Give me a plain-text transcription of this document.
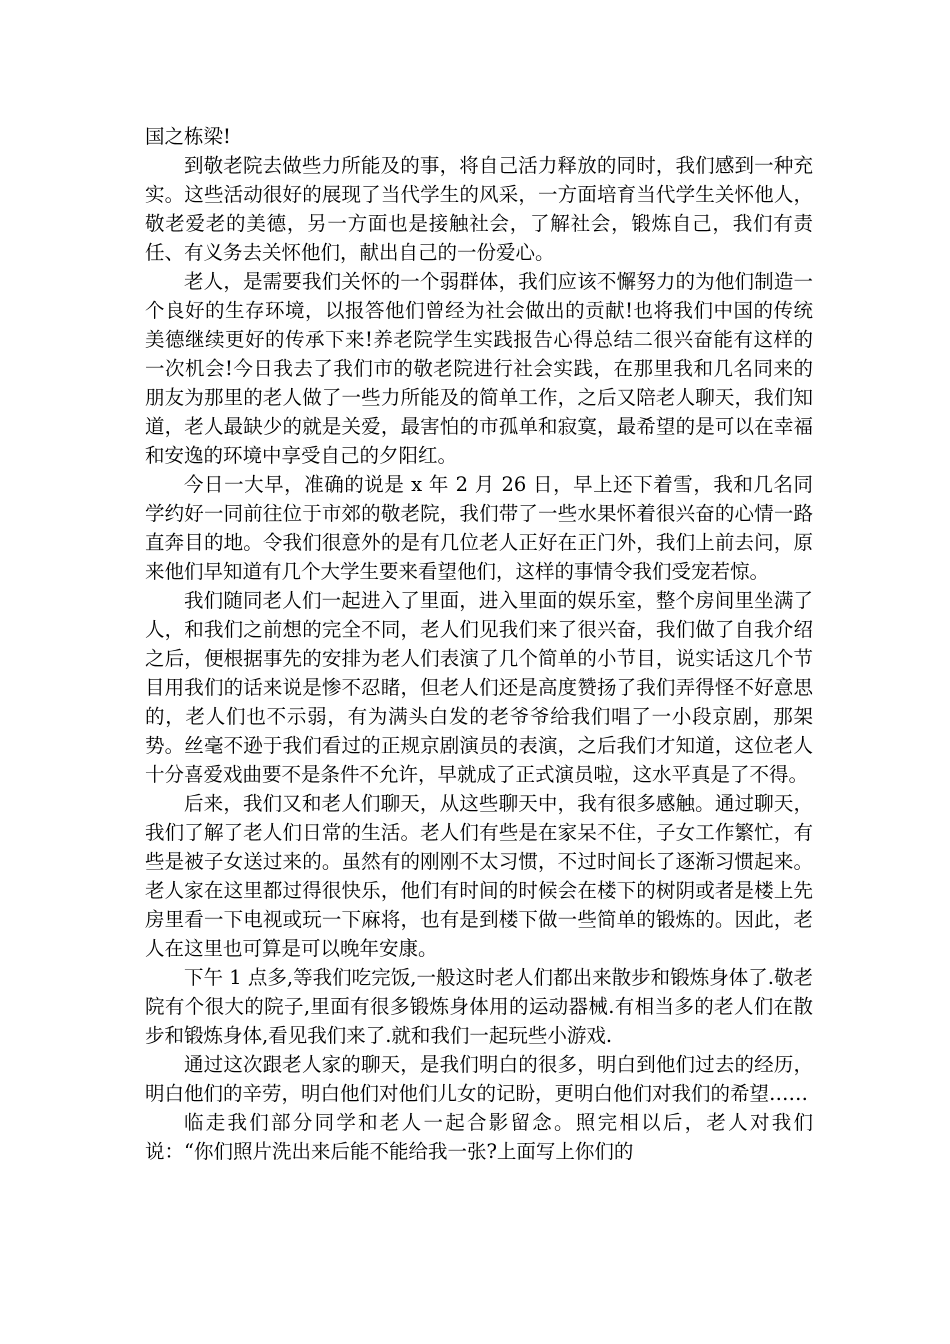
国之栋梁!

到敬老院去做些力所能及的事，将自己活力释放的同时，我们感到一种充实。这些活动很好的展现了当代学生的风采，一方面培育当代学生关怀他人，敬老爱老的美德，另一方面也是接触社会，了解社会，锻炼自己，我们有责任、有义务去关怀他们，献出自己的一份爱心。

老人，是需要我们关怀的一个弱群体，我们应该不懈努力的为他们制造一个良好的生存环境，以报答他们曾经为社会做出的贡献!也将我们中国的传统美德继续更好的传承下来!养老院学生实践报告心得总结二很兴奋能有这样的一次机会!今日我去了我们市的敬老院进行社会实践，在那里我和几名同来的朋友为那里的老人做了一些力所能及的简单工作，之后又陪老人聊天，我们知道，老人最缺少的就是关爱，最害怕的市孤单和寂寞，最希望的是可以在幸福和安逸的环境中享受自己的夕阳红。

今日一大早，准确的说是 x 年 2 月 26 日，早上还下着雪，我和几名同学约好一同前往位于市郊的敬老院，我们带了一些水果怀着很兴奋的心情一路直奔目的地。令我们很意外的是有几位老人正好在正门外，我们上前去问，原来他们早知道有几个大学生要来看望他们，这样的事情令我们受宠若惊。

我们随同老人们一起进入了里面，进入里面的娱乐室，整个房间里坐满了人，和我们之前想的完全不同，老人们见我们来了很兴奋，我们做了自我介绍之后，便根据事先的安排为老人们表演了几个简单的小节目，说实话这几个节目用我们的话来说是惨不忍睹，但老人们还是高度赞扬了我们弄得怪不好意思的，老人们也不示弱，有为满头白发的老爷爷给我们唱了一小段京剧，那架势。丝毫不逊于我们看过的正规京剧演员的表演，之后我们才知道，这位老人十分喜爱戏曲要不是条件不允许，早就成了正式演员啦，这水平真是了不得。

后来，我们又和老人们聊天，从这些聊天中，我有很多感触。通过聊天，我们了解了老人们日常的生活。老人们有些是在家呆不住，子女工作繁忙，有些是被子女送过来的。虽然有的刚刚不太习惯，不过时间长了逐渐习惯起来。老人家在这里都过得很快乐，他们有时间的时候会在楼下的树阴或者是楼上先房里看一下电视或玩一下麻将，也有是到楼下做一些简单的锻炼的。因此，老人在这里也可算是可以晚年安康。

下午 1 点多,等我们吃完饭,一般这时老人们都出来散步和锻炼身体了.敬老院有个很大的院子,里面有很多锻炼身体用的运动器械.有相当多的老人们在散步和锻炼身体,看见我们来了.就和我们一起玩些小游戏.

通过这次跟老人家的聊天，是我们明白的很多，明白到他们过去的经历，明白他们的辛劳，明白他们对他们儿女的记盼，更明白他们对我们的希望……

临走我们部分同学和老人一起合影留念。照完相以后，老人对我们说：“你们照片洗出来后能不能给我一张?上面写上你们的
